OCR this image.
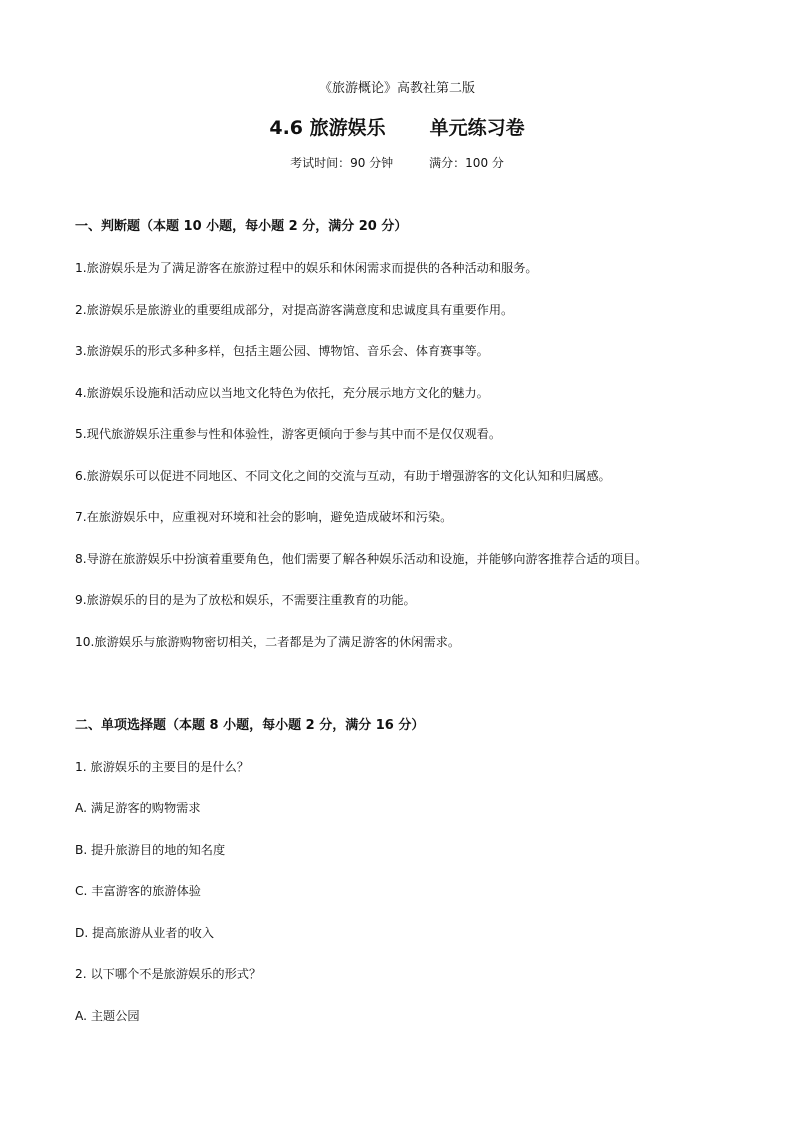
《旅游概论》高教社第二版
4.6 旅游娱乐 单元练习卷
考试时间：90 分钟	满分：100 分
一、判断题（本题 10 小题，每小题 2 分，满分 20 分）
1.旅游娱乐是为了满足游客在旅游过程中的娱乐和休闲需求而提供的各种活动和服务。
2.旅游娱乐是旅游业的重要组成部分，对提高游客满意度和忠诚度具有重要作用。
3.旅游娱乐的形式多种多样，包括主题公园、博物馆、音乐会、体育赛事等。
4.旅游娱乐设施和活动应以当地文化特色为依托，充分展示地方文化的魅力。
5.现代旅游娱乐注重参与性和体验性，游客更倾向于参与其中而不是仅仅观看。
6.旅游娱乐可以促进不同地区、不同文化之间的交流与互动，有助于增强游客的文化认知和归属感。
7.在旅游娱乐中，应重视对环境和社会的影响，避免造成破坏和污染。
8.导游在旅游娱乐中扮演着重要角色，他们需要了解各种娱乐活动和设施，并能够向游客推荐合适的项目。
9.旅游娱乐的目的是为了放松和娱乐，不需要注重教育的功能。
10.旅游娱乐与旅游购物密切相关，二者都是为了满足游客的休闲需求。
二、单项选择题（本题 8 小题，每小题 2 分，满分 16 分）
1. 旅游娱乐的主要目的是什么？
A. 满足游客的购物需求
B. 提升旅游目的地的知名度
C. 丰富游客的旅游体验
D. 提高旅游从业者的收入
2. 以下哪个不是旅游娱乐的形式？
A. 主题公园
